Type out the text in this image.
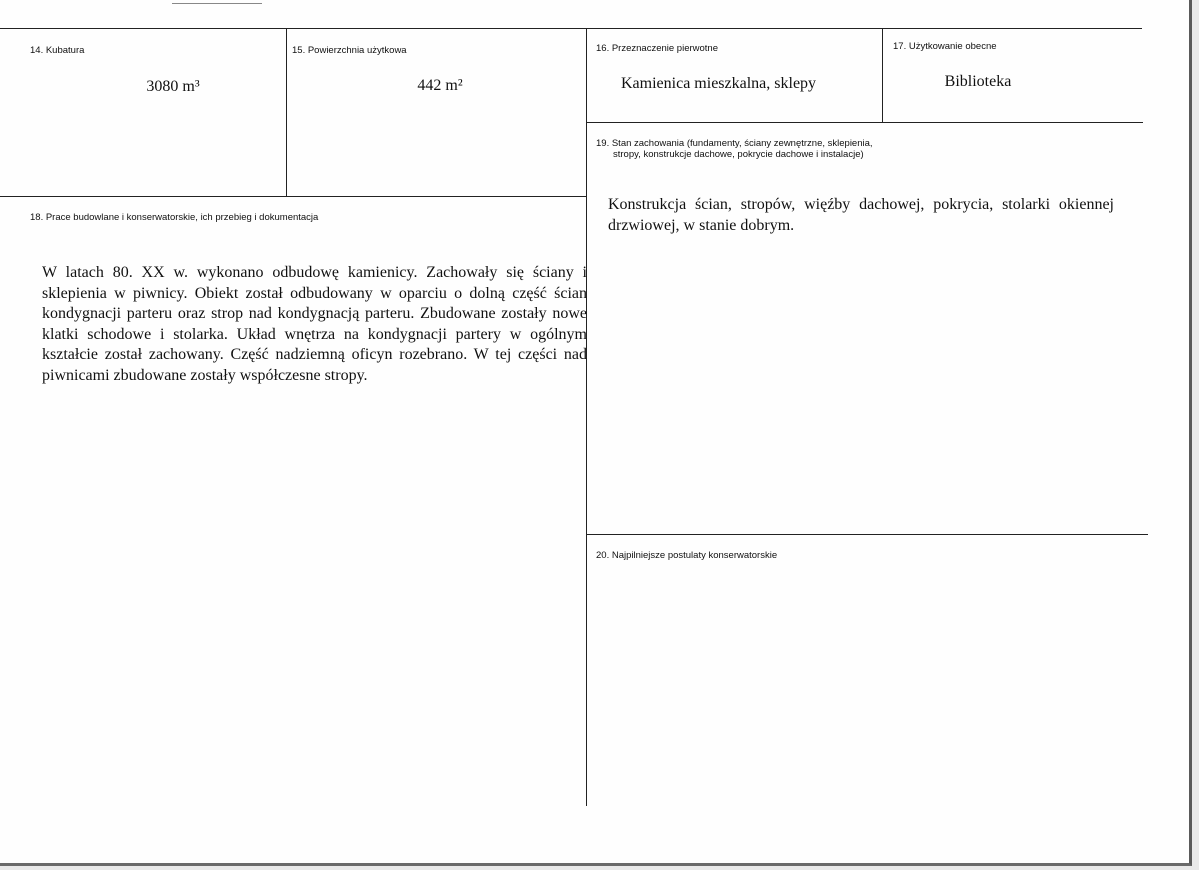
14. Kubatura
3080 m³
15. Powierzchnia użytkowa
442 m²
16. Przeznaczenie pierwotne
Kamienica mieszkalna, sklepy
17. Użytkowanie obecne
Biblioteka
19. Stan zachowania (fundamenty, ściany zewnętrzne, sklepienia,
stropy, konstrukcje dachowe, pokrycie dachowe i instalacje)
Konstrukcja ścian, stropów, więźby dachowej, pokrycia, stolarki okiennej drzwiowej, w stanie dobrym.
18. Prace budowlane i konserwatorskie, ich przebieg i dokumentacja
W latach 80. XX w. wykonano odbudowę kamienicy. Zachowały się ściany i sklepienia w piwnicy. Obiekt został odbudowany w oparciu o dolną część ścian kondygnacji parteru oraz strop nad kondygnacją parteru. Zbudowane zostały nowe klatki schodowe i stolarka. Układ wnętrza na kondygnacji partery w ogólnym kształcie został zachowany. Część nadziemną oficyn rozebrano. W tej części nad piwnicami zbudowane zostały współczesne stropy.
20. Najpilniejsze postulaty konserwatorskie
